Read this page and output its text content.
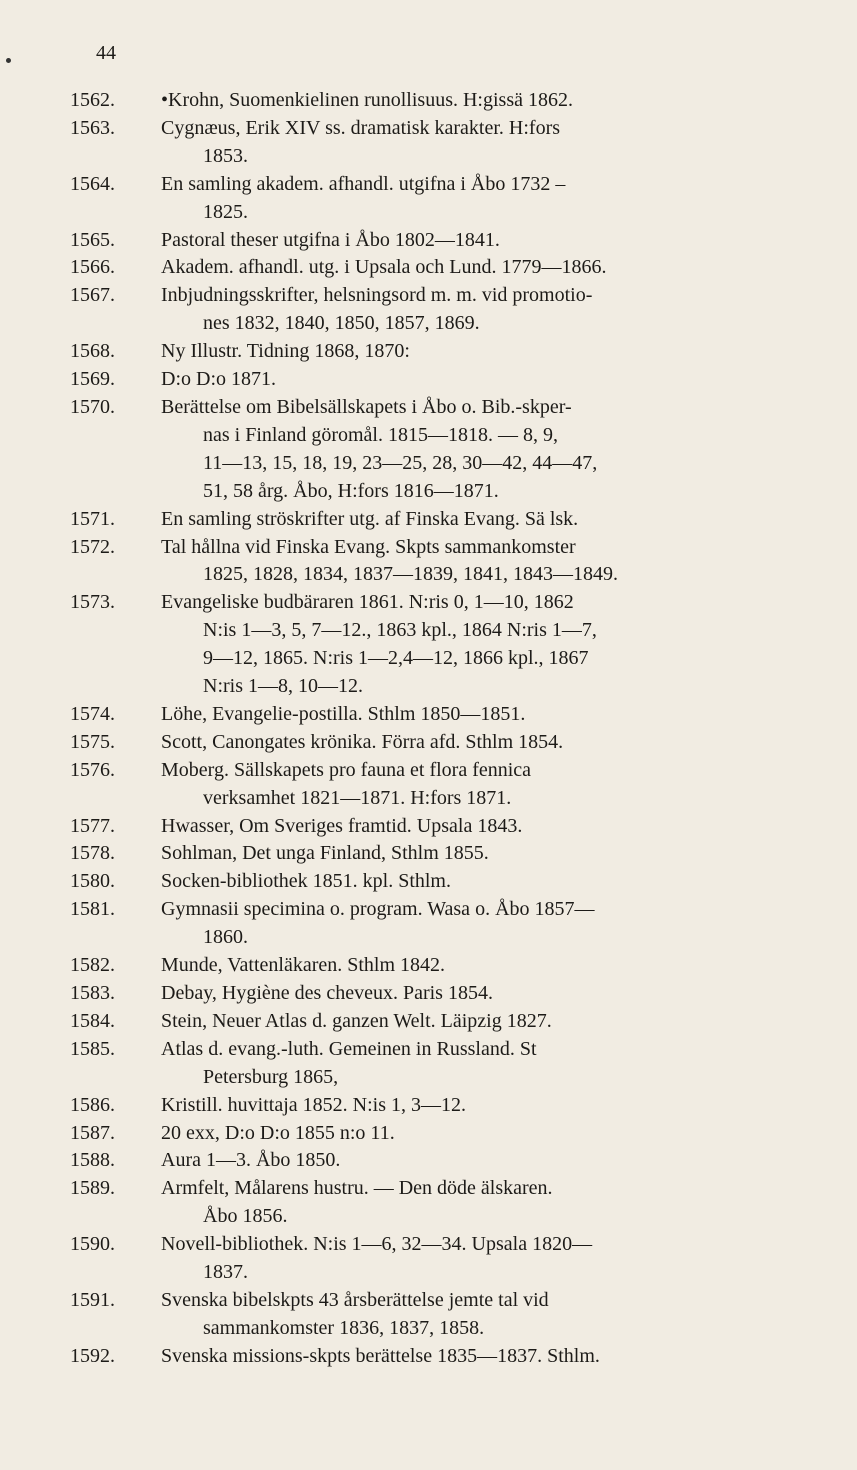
44
1562.	•Krohn, Suomenkielinen runollisuus. H:gissä 1862.
1563.	Cygnæus, Erik XIV ss. dramatisk karakter. H:fors
1853.
1564.	En samling akadem. afhandl. utgifna i Åbo 1732 –
1825.
1565.	Pastoral theser utgifna i Åbo 1802—1841.
1566.	Akadem. afhandl. utg. i Upsala och Lund. 1779—1866.
1567.	Inbjudningsskrifter, helsningsord m. m. vid promotio-
nes 1832, 1840, 1850, 1857, 1869.
1568.	Ny Illustr. Tidning 1868, 1870:
1569.	D:o D:o 1871.
1570.	Berättelse om Bibelsällskapets i Åbo o. Bib.-skper-
nas i Finland göromål. 1815—1818. — 8, 9,
11—13, 15, 18, 19, 23—25, 28, 30—42, 44—47,
51, 58 årg. Åbo, H:fors 1816—1871.
1571.	En samling ströskrifter utg. af Finska Evang. Sä lsk.
1572.	Tal hållna vid Finska Evang. Skpts sammankomster
1825, 1828, 1834, 1837—1839, 1841, 1843—1849.
1573.	Evangeliske budbäraren 1861. N:ris 0, 1—10, 1862
N:is 1—3, 5, 7—12., 1863 kpl., 1864 N:ris 1—7,
9—12, 1865. N:ris 1—2,4—12, 1866 kpl., 1867
N:ris 1—8, 10—12.
1574.	Löhe, Evangelie-postilla. Sthlm 1850—1851.
1575.	Scott, Canongates krönika. Förra afd. Sthlm 1854.
1576.	Moberg. Sällskapets pro fauna et flora fennica
verksamhet 1821—1871. H:fors 1871.
1577.	Hwasser, Om Sveriges framtid. Upsala 1843.
1578.	Sohlman, Det unga Finland, Sthlm 1855.
1580.	Socken-bibliothek 1851. kpl. Sthlm.
1581.	Gymnasii specimina o. program. Wasa o. Åbo 1857—
1860.
1582.	Munde, Vattenläkaren. Sthlm 1842.
1583.	Debay, Hygiène des cheveux. Paris 1854.
1584.	Stein, Neuer Atlas d. ganzen Welt. Läipzig 1827.
1585.	Atlas d. evang.-luth. Gemeinen in Russland. St
Petersburg 1865,
1586.	Kristill. huvittaja 1852. N:is 1, 3—12.
1587.	20 exx, D:o D:o 1855 n:o 11.
1588.	Aura 1—3. Åbo 1850.
1589.	Armfelt, Målarens hustru. — Den döde älskaren.
Åbo 1856.
1590.	Novell-bibliothek. N:is 1—6, 32—34. Upsala 1820—
1837.
1591.	Svenska bibelskpts 43 årsberättelse jemte tal vid
sammankomster 1836, 1837, 1858.
1592.	Svenska missions-skpts berättelse 1835—1837. Sthlm.
